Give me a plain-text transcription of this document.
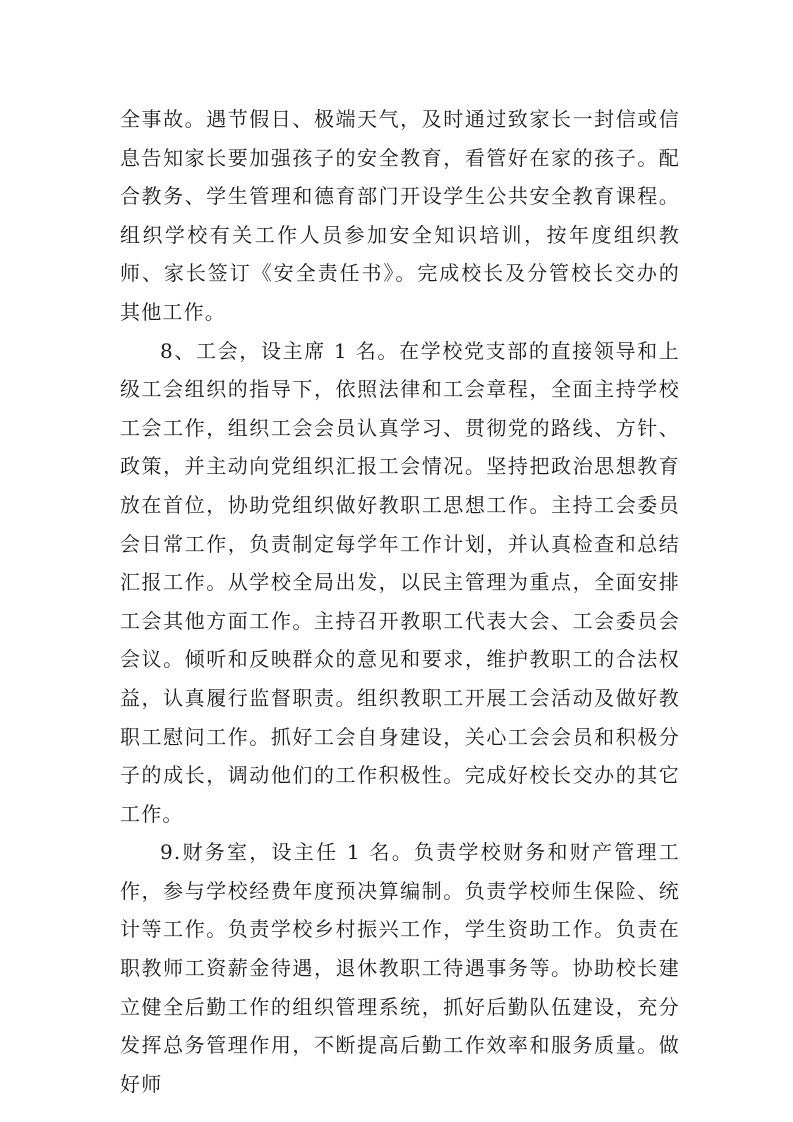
全事故。遇节假日、极端天气，及时通过致家长一封信或信息告知家长要加强孩子的安全教育，看管好在家的孩子。配合教务、学生管理和德育部门开设学生公共安全教育课程。组织学校有关工作人员参加安全知识培训，按年度组织教师、家长签订《安全责任书》。完成校长及分管校长交办的其他工作。

8、工会，设主席 1 名。在学校党支部的直接领导和上级工会组织的指导下，依照法律和工会章程，全面主持学校工会工作，组织工会会员认真学习、贯彻党的路线、方针、政策，并主动向党组织汇报工会情况。坚持把政治思想教育放在首位，协助党组织做好教职工思想工作。主持工会委员会日常工作，负责制定每学年工作计划，并认真检查和总结汇报工作。从学校全局出发，以民主管理为重点，全面安排工会其他方面工作。主持召开教职工代表大会、工会委员会会议。倾听和反映群众的意见和要求，维护教职工的合法权益，认真履行监督职责。组织教职工开展工会活动及做好教职工慰问工作。抓好工会自身建设，关心工会会员和积极分子的成长，调动他们的工作积极性。完成好校长交办的其它工作。

9.财务室，设主任 1 名。负责学校财务和财产管理工作，参与学校经费年度预决算编制。负责学校师生保险、统计等工作。负责学校乡村振兴工作，学生资助工作。负责在职教师工资薪金待遇，退休教职工待遇事务等。协助校长建立健全后勤工作的组织管理系统，抓好后勤队伍建设，充分发挥总务管理作用，不断提高后勤工作效率和服务质量。做好师
